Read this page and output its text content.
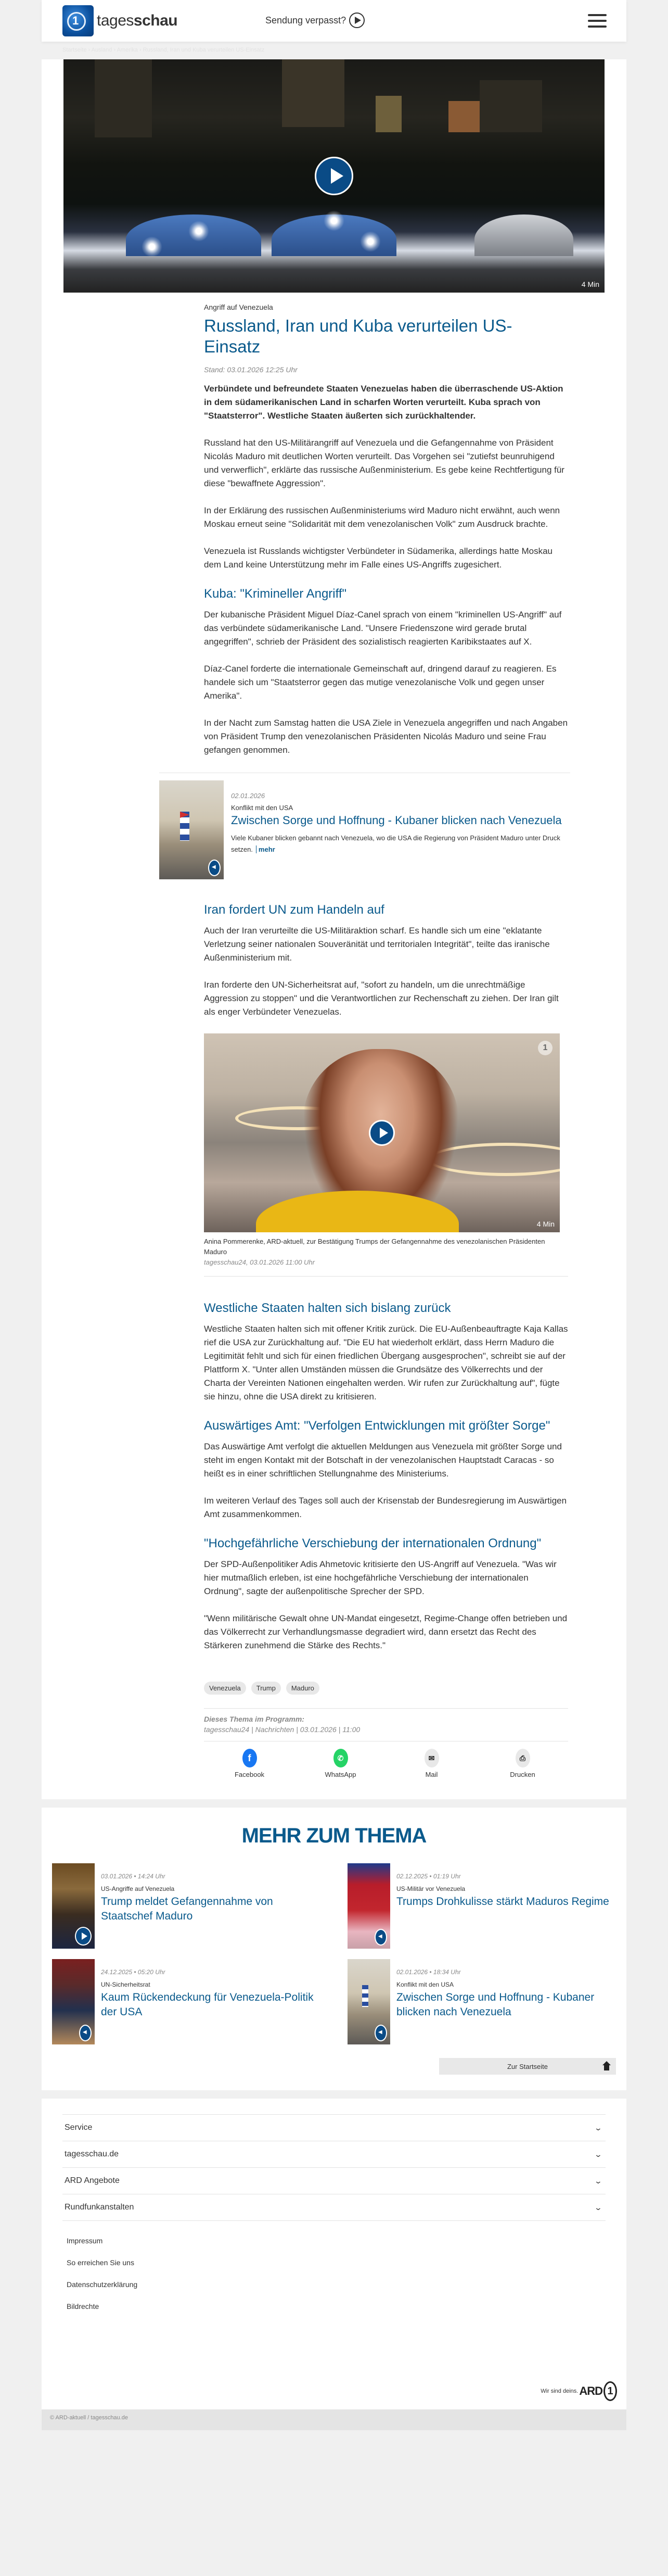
1 tagesschau	Sendung verpasst?
Startseite › Ausland › Amerika › Russland, Iran und Kuba verurteilen US-Einsatz
4 Min
Angriff auf Venezuela
Russland, Iran und Kuba verurteilen US-Einsatz
Stand: 03.01.2026 12:25 Uhr

Verbündete und befreundete Staaten Venezuelas haben die überraschende US-Aktion in dem südamerikanischen Land in scharfen Worten verurteilt. Kuba sprach von "Staatsterror". Westliche Staaten äußerten sich zurückhaltender.

Russland hat den US-Militärangriff auf Venezuela und die Gefangennahme von Präsident Nicolás Maduro mit deutlichen Worten verurteilt. Das Vorgehen sei "zutiefst beunruhigend und verwerflich", erklärte das russische Außenministerium. Es gebe keine Rechtfertigung für diese "bewaffnete Aggression".

In der Erklärung des russischen Außenministeriums wird Maduro nicht erwähnt, auch wenn Moskau erneut seine "Solidarität mit dem venezolanischen Volk" zum Ausdruck brachte.

Venezuela ist Russlands wichtigster Verbündeter in Südamerika, allerdings hatte Moskau dem Land keine Unterstützung mehr im Falle eines US-Angriffs zugesichert.

Kuba: "Krimineller Angriff"

Der kubanische Präsident Miguel Díaz-Canel sprach von einem "kriminellen US-Angriff" auf das verbündete südamerikanische Land. "Unsere Friedenszone wird gerade brutal angegriffen", schrieb der Präsident des sozialistisch reagierten Karibikstaates auf X.

Díaz-Canel forderte die internationale Gemeinschaft auf, dringend darauf zu reagieren. Es handele sich um "Staatsterror gegen das mutige venezolanische Volk und gegen unser Amerika".

In der Nacht zum Samstag hatten die USA Ziele in Venezuela angegriffen und nach Angaben von Präsident Trump den venezolanischen Präsidenten Nicolás Maduro und seine Frau gefangen genommen.

◀
02.01.2026
Konflikt mit den USA
Zwischen Sorge und Hoffnung - Kubaner blicken nach Venezuela
Viele Kubaner blicken gebannt nach Venezuela, wo die USA die Regierung von Präsident Maduro unter Druck setzen. mehr
Iran fordert UN zum Handeln auf

Auch der Iran verurteilte die US-Militäraktion scharf. Es handle sich um eine "eklatante Verletzung seiner nationalen Souveränität und territorialen Integrität", teilte das iranische Außenministerium mit.

Iran forderte den UN-Sicherheitsrat auf, "sofort zu handeln, um die unrechtmäßige Aggression zu stoppen" und die Verantwortlichen zur Rechenschaft zu ziehen. Der Iran gilt als enger Verbündeter Venezuelas.

1
4 Min
Anina Pommerenke, ARD-aktuell, zur Bestätigung Trumps der Gefangennahme des venezolanischen Präsidenten Maduro
tagesschau24, 03.01.2026 11:00 Uhr
Westliche Staaten halten sich bislang zurück

Westliche Staaten halten sich mit offener Kritik zurück. Die EU-Außenbeauftragte Kaja Kallas rief die USA zur Zurückhaltung auf. "Die EU hat wiederholt erklärt, dass Herrn Maduro die Legitimität fehlt und sich für einen friedlichen Übergang ausgesprochen", schreibt sie auf der Plattform X. "Unter allen Umständen müssen die Grundsätze des Völkerrechts und der Charta der Vereinten Nationen eingehalten werden. Wir rufen zur Zurückhaltung auf", fügte sie hinzu, ohne die USA direkt zu kritisieren.

Auswärtiges Amt: "Verfolgen Entwicklungen mit größter Sorge"

Das Auswärtige Amt verfolgt die aktuellen Meldungen aus Venezuela mit größter Sorge und steht im engen Kontakt mit der Botschaft in der venezolanischen Hauptstadt Caracas - so heißt es in einer schriftlichen Stellungnahme des Ministeriums.

Im weiteren Verlauf des Tages soll auch der Krisenstab der Bundesregierung im Auswärtigen Amt zusammenkommen.

"Hochgefährliche Verschiebung der internationalen Ordnung"

Der SPD-Außenpolitiker Adis Ahmetovic kritisierte den US-Angriff auf Venezuela. "Was wir hier mutmaßlich erleben, ist eine hochgefährliche Verschiebung der internationalen Ordnung", sagte der außenpolitische Sprecher der SPD.

"Wenn militärische Gewalt ohne UN-Mandat eingesetzt, Regime-Change offen betrieben und das Völkerrecht zur Verhandlungsmasse degradiert wird, dann ersetzt das Recht des Stärkeren zunehmend die Stärke des Rechts."

Venezuela	Trump	Maduro
Dieses Thema im Programm:
tagesschau24 | Nachrichten | 03.01.2026 | 11:00
f
Facebook
✆
WhatsApp
✉
Mail
⎙
Drucken
MEHR ZUM THEMA
03.01.2026 • 14:24 Uhr
US-Angriffe auf Venezuela
Trump meldet Gefangennahme von Staatschef Maduro
◀
02.12.2025 • 01:19 Uhr
US-Militär vor Venezuela
Trumps Drohkulisse stärkt Maduros Regime
◀
24.12.2025 • 05:20 Uhr
UN-Sicherheitsrat
Kaum Rückendeckung für Venezuela-Politik der USA
◀
02.01.2026 • 18:34 Uhr
Konflikt mit den USA
Zwischen Sorge und Hoffnung - Kubaner blicken nach Venezuela
Zur Startseite
Service	⌄
tagesschau.de	⌄
ARD Angebote	⌄
Rundfunkanstalten	⌄
Impressum
So erreichen Sie uns
Datenschutzerklärung
Bildrechte
Wir sind deins. ARD 1
© ARD-aktuell / tagesschau.de
